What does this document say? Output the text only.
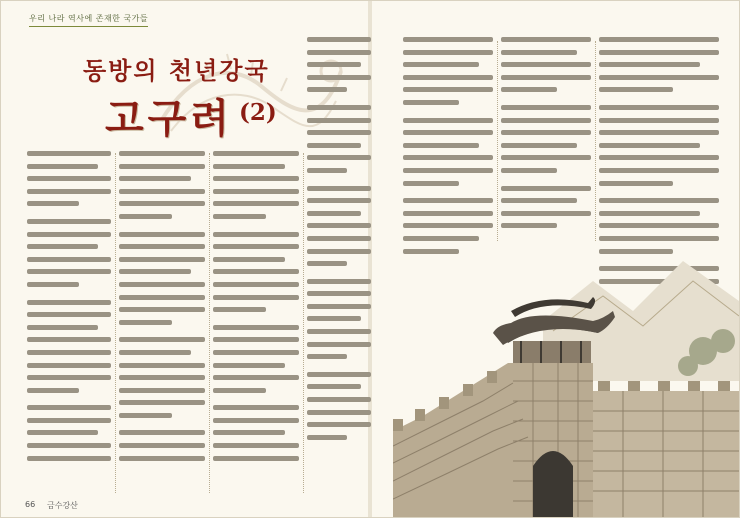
우리 나라 역사에 존재한 국가들
동방의 천년강국
고구려 (2)
66 금수강산
